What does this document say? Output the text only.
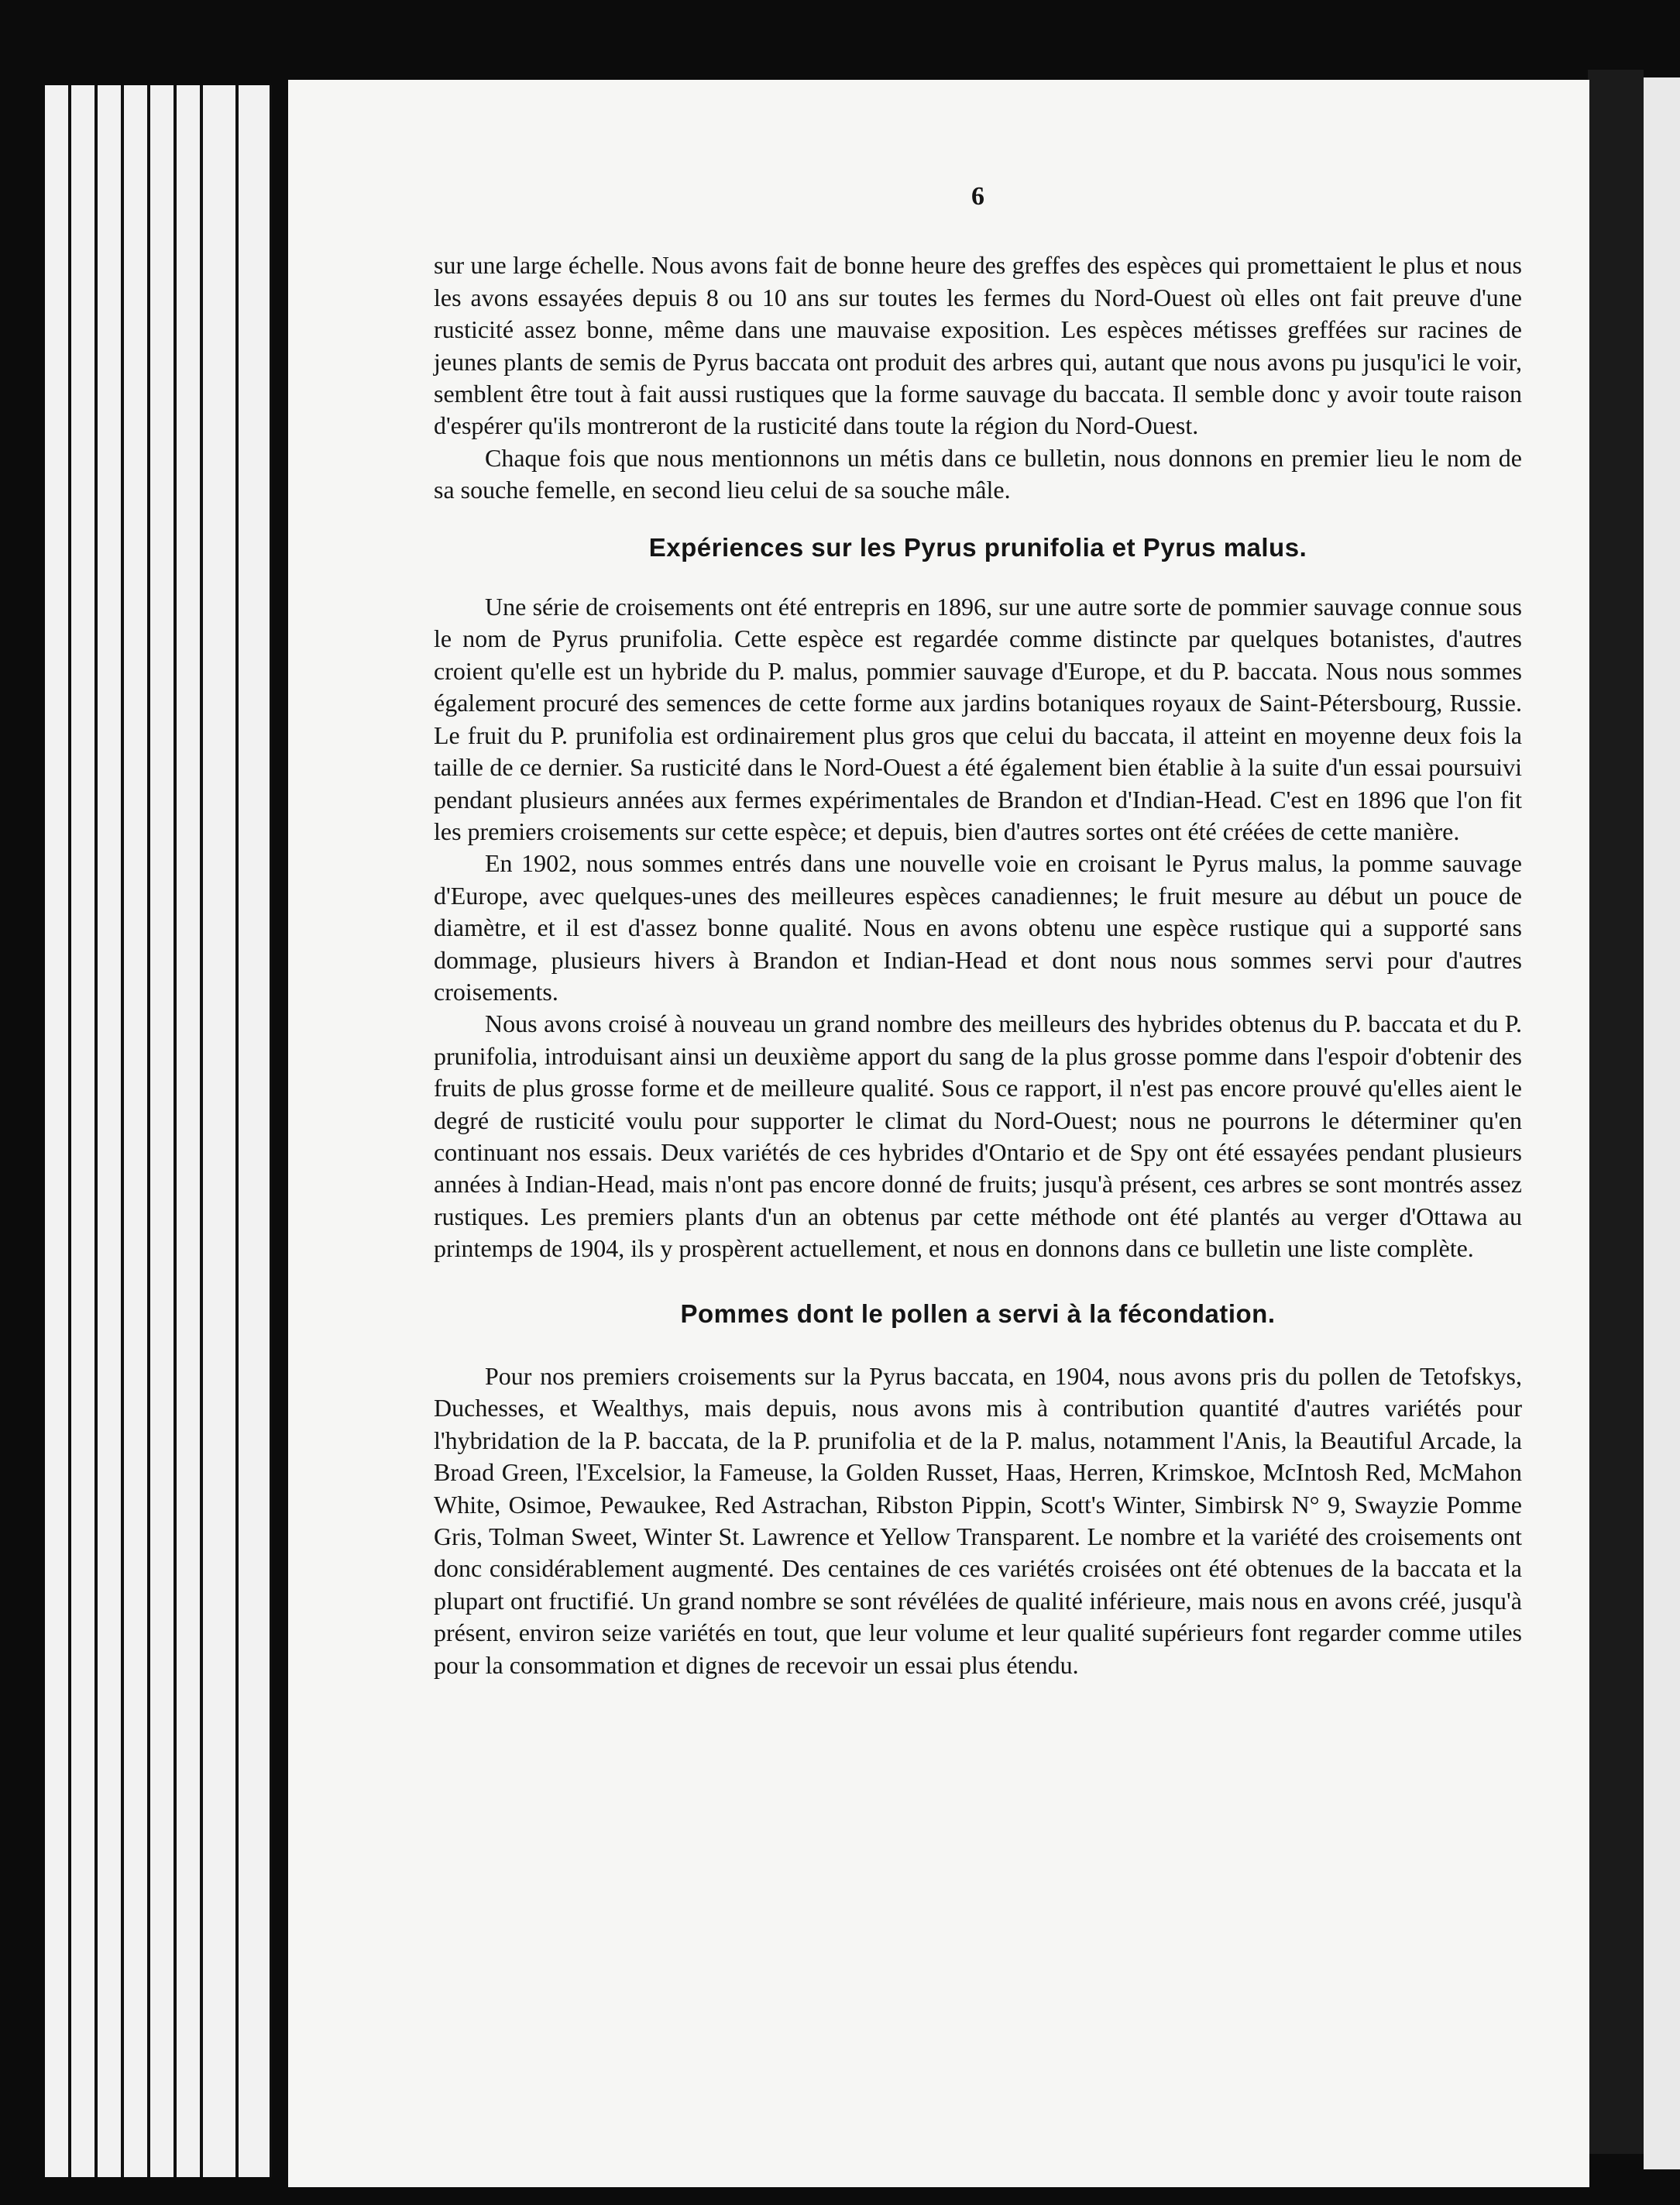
6

sur une large échelle. Nous avons fait de bonne heure des greffes des espèces qui promettaient le plus et nous les avons essayées depuis 8 ou 10 ans sur toutes les fermes du Nord-Ouest où elles ont fait preuve d'une rusticité assez bonne, même dans une mauvaise exposition. Les espèces métisses greffées sur racines de jeunes plants de semis de Pyrus baccata ont produit des arbres qui, autant que nous avons pu jusqu'ici le voir, semblent être tout à fait aussi rustiques que la forme sauvage du baccata. Il semble donc y avoir toute raison d'espérer qu'ils montreront de la rusticité dans toute la région du Nord-Ouest.

Chaque fois que nous mentionnons un métis dans ce bulletin, nous donnons en premier lieu le nom de sa souche femelle, en second lieu celui de sa souche mâle.

Expériences sur les Pyrus prunifolia et Pyrus malus.

Une série de croisements ont été entrepris en 1896, sur une autre sorte de pommier sauvage connue sous le nom de Pyrus prunifolia. Cette espèce est regardée comme distincte par quelques botanistes, d'autres croient qu'elle est un hybride du P. malus, pommier sauvage d'Europe, et du P. baccata. Nous nous sommes également procuré des semences de cette forme aux jardins botaniques royaux de Saint-Pétersbourg, Russie. Le fruit du P. prunifolia est ordinairement plus gros que celui du baccata, il atteint en moyenne deux fois la taille de ce dernier. Sa rusticité dans le Nord-Ouest a été également bien établie à la suite d'un essai poursuivi pendant plusieurs années aux fermes expérimentales de Brandon et d'Indian-Head. C'est en 1896 que l'on fit les premiers croisements sur cette espèce; et depuis, bien d'autres sortes ont été créées de cette manière.

En 1902, nous sommes entrés dans une nouvelle voie en croisant le Pyrus malus, la pomme sauvage d'Europe, avec quelques-unes des meilleures espèces canadiennes; le fruit mesure au début un pouce de diamètre, et il est d'assez bonne qualité. Nous en avons obtenu une espèce rustique qui a supporté sans dommage, plusieurs hivers à Brandon et Indian-Head et dont nous nous sommes servi pour d'autres croisements.

Nous avons croisé à nouveau un grand nombre des meilleurs des hybrides obtenus du P. baccata et du P. prunifolia, introduisant ainsi un deuxième apport du sang de la plus grosse pomme dans l'espoir d'obtenir des fruits de plus grosse forme et de meilleure qualité. Sous ce rapport, il n'est pas encore prouvé qu'elles aient le degré de rusticité voulu pour supporter le climat du Nord-Ouest; nous ne pourrons le déterminer qu'en continuant nos essais. Deux variétés de ces hybrides d'Ontario et de Spy ont été essayées pendant plusieurs années à Indian-Head, mais n'ont pas encore donné de fruits; jusqu'à présent, ces arbres se sont montrés assez rustiques. Les premiers plants d'un an obtenus par cette méthode ont été plantés au verger d'Ottawa au printemps de 1904, ils y prospèrent actuellement, et nous en donnons dans ce bulletin une liste complète.

Pommes dont le pollen a servi à la fécondation.

Pour nos premiers croisements sur la Pyrus baccata, en 1904, nous avons pris du pollen de Tetofskys, Duchesses, et Wealthys, mais depuis, nous avons mis à contribution quantité d'autres variétés pour l'hybridation de la P. baccata, de la P. prunifolia et de la P. malus, notamment l'Anis, la Beautiful Arcade, la Broad Green, l'Excelsior, la Fameuse, la Golden Russet, Haas, Herren, Krimskoe, McIntosh Red, McMahon White, Osimoe, Pewaukee, Red Astrachan, Ribston Pippin, Scott's Winter, Simbirsk N° 9, Swayzie Pomme Gris, Tolman Sweet, Winter St. Lawrence et Yellow Transparent. Le nombre et la variété des croisements ont donc considérablement augmenté. Des centaines de ces variétés croisées ont été obtenues de la baccata et la plupart ont fructifié. Un grand nombre se sont révélées de qualité inférieure, mais nous en avons créé, jusqu'à présent, environ seize variétés en tout, que leur volume et leur qualité supérieurs font regarder comme utiles pour la consommation et dignes de recevoir un essai plus étendu.
